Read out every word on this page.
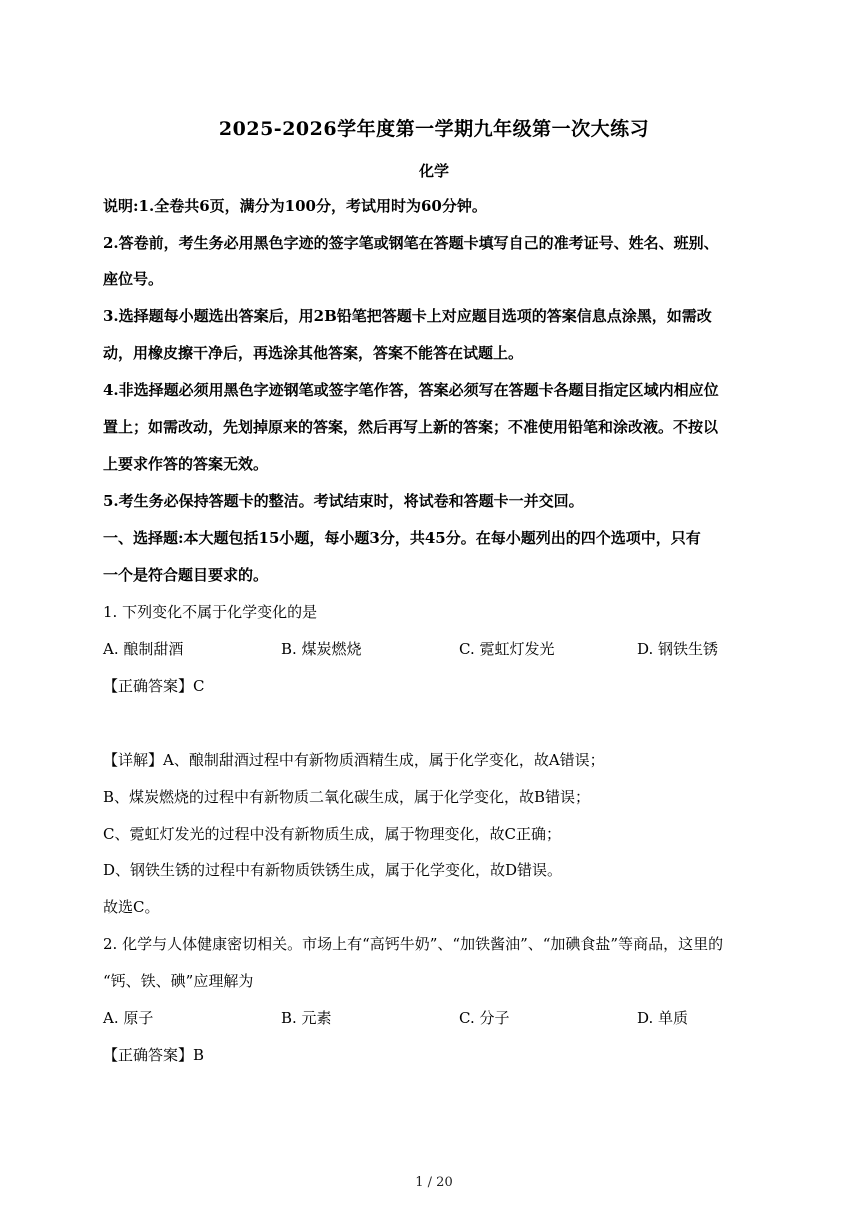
2025-2026学年度第一学期九年级第一次大练习
化学
说明:1.全卷共6页，满分为100分，考试用时为60分钟。
2.答卷前，考生务必用黑色字迹的签字笔或钢笔在答题卡填写自己的准考证号、姓名、班别、
座位号。
3.选择题每小题选出答案后，用2B铅笔把答题卡上对应题目选项的答案信息点涂黑，如需改
动，用橡皮擦干净后，再选涂其他答案，答案不能答在试题上。
4.非选择题必须用黑色字迹钢笔或签字笔作答，答案必须写在答题卡各题目指定区域内相应位
置上；如需改动，先划掉原来的答案，然后再写上新的答案；不准使用铅笔和涂改液。不按以
上要求作答的答案无效。
5.考生务必保持答题卡的整洁。考试结束时，将试卷和答题卡一并交回。
一、选择题:本大题包括15小题，每小题3分，共45分。在每小题列出的四个选项中，只有
一个是符合题目要求的。
1. 下列变化不属于化学变化的是
A. 酿制甜酒	B. 煤炭燃烧	C. 霓虹灯发光	D. 钢铁生锈
【正确答案】C
【详解】A、酿制甜酒过程中有新物质酒精生成，属于化学变化，故A错误；
B、煤炭燃烧的过程中有新物质二氧化碳生成，属于化学变化，故B错误；
C、霓虹灯发光的过程中没有新物质生成，属于物理变化，故C正确；
D、钢铁生锈的过程中有新物质铁锈生成，属于化学变化，故D错误。
故选C。
2. 化学与人体健康密切相关。市场上有“高钙牛奶”、“加铁酱油”、“加碘食盐”等商品，这里的
“钙、铁、碘”应理解为
A. 原子	B. 元素	C. 分子	D. 单质
【正确答案】B
1 / 20
